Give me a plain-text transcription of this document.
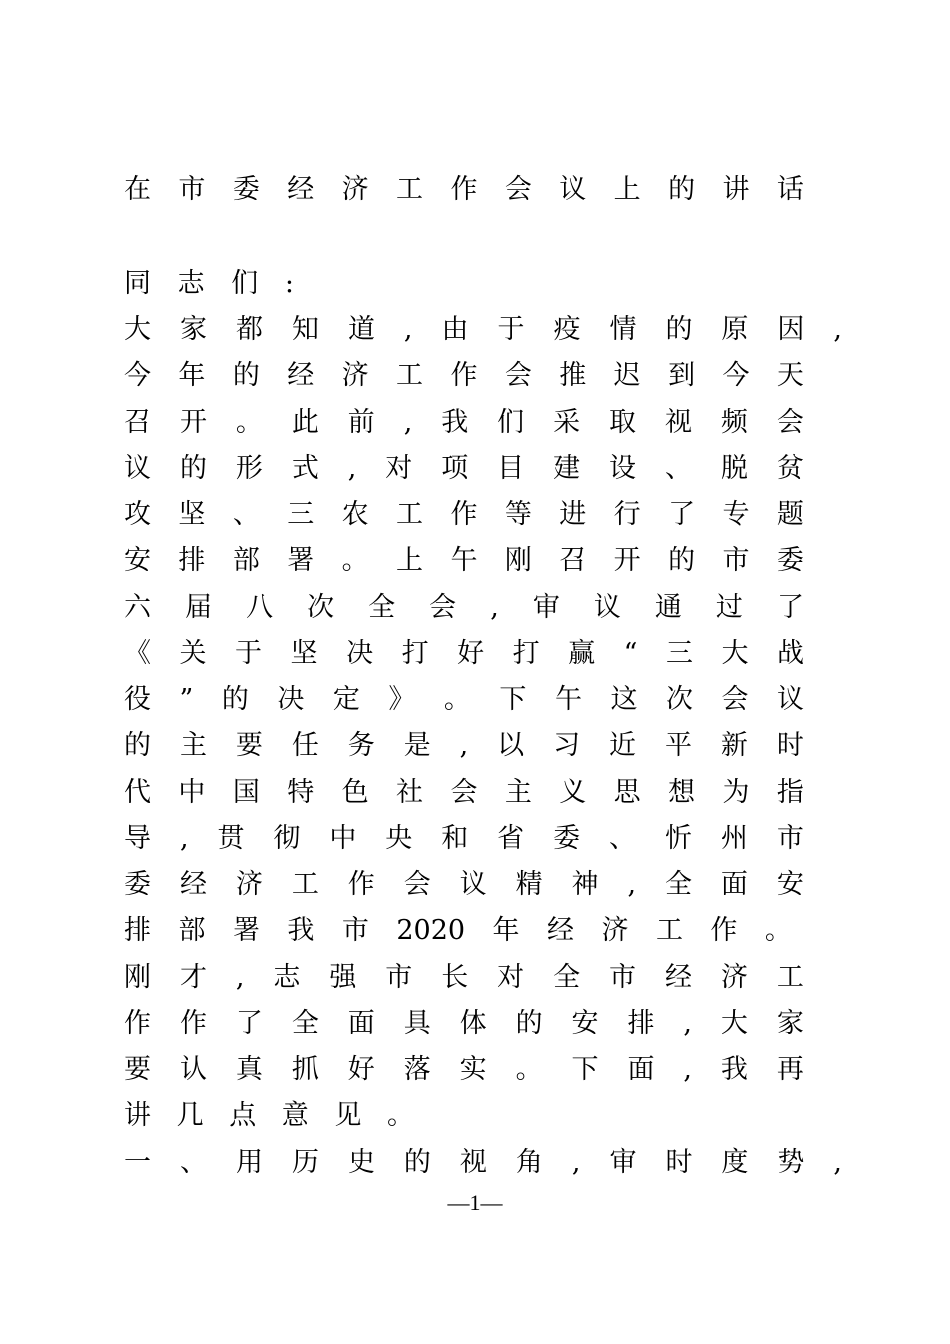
在 市 委 经 济 工 作 会 议 上 的 讲 话
同 志 们 :
大 家 都 知 道 , 由 于 疫 情 的 原 因 ,
今 年 的 经 济 工 作 会 推 迟 到 今 天
召 开 。 此 前 , 我 们 采 取 视 频 会
议 的 形 式 , 对 项 目 建 设 、 脱 贫
攻 坚 、 三 农 工 作 等 进 行 了 专 题
安 排 部 署 。 上 午 刚 召 开 的 市 委
六 届 八 次 全 会 , 审 议 通 过 了
《 关 于 坚 决 打 好 打 赢 “ 三 大 战
役 ” 的 决 定 》 。 下 午 这 次 会 议
的 主 要 任 务 是 , 以 习 近 平 新 时
代 中 国 特 色 社 会 主 义 思 想 为 指
导 , 贯 彻 中 央 和 省 委 、 忻 州 市
委 经 济 工 作 会 议 精 神 , 全 面 安
排 部 署 我 市 2020 年 经 济 工 作 。
刚 才 , 志 强 市 长 对 全 市 经 济 工
作 作 了 全 面 具 体 的 安 排 , 大 家
要 认 真 抓 好 落 实 。 下 面 , 我 再
讲 几 点 意 见 。
一 、 用 历 史 的 视 角 , 审 时 度 势 ,
—1—
